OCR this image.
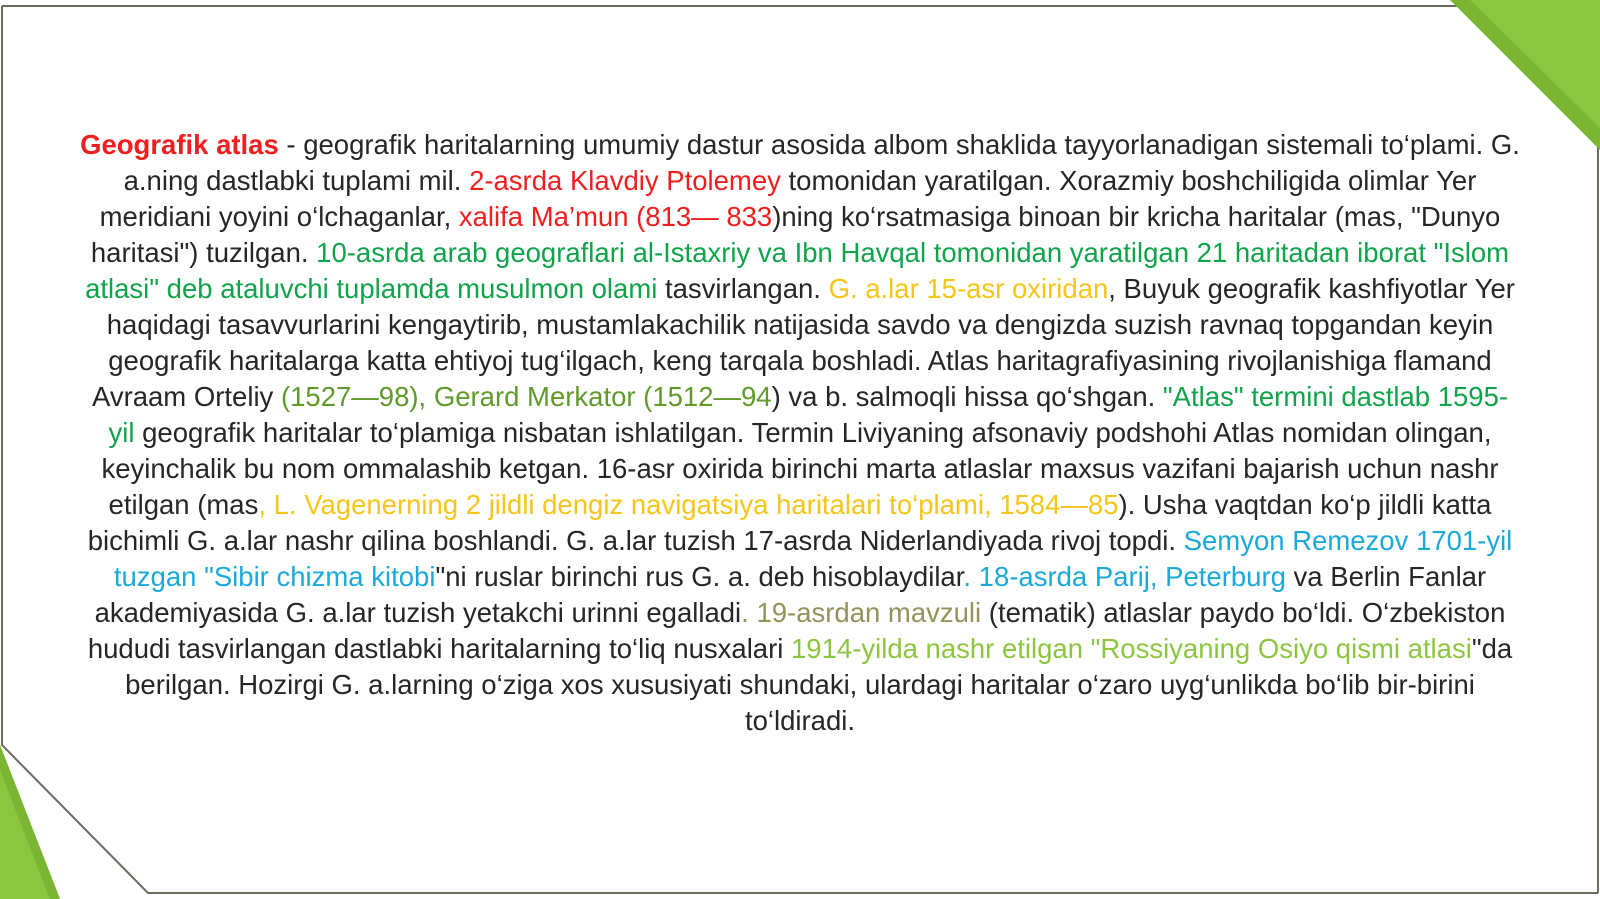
Geografik atlas - geografik haritalarning umumiy dastur asosida albom shaklida tayyorlanadigan sistemali to‘plami. G. a.ning dastlabki tuplami mil. 2-asrda Klavdiy Ptolemey tomonidan yaratilgan. Xorazmiy boshchiligida olimlar Yer meridiani yoyini o‘lchaganlar, xalifa Ma’mun (813— 833)ning ko‘rsatmasiga binoan bir kricha haritalar (mas, "Dunyo haritasi") tuzilgan. 10-asrda arab geograflari al-Istaxriy va Ibn Havqal tomonidan yaratilgan 21 haritadan iborat "Islom atlasi" deb ataluvchi tuplamda musulmon olami tasvirlangan. G. a.lar 15-asr oxiridan, Buyuk geografik kashfiyotlar Yer haqidagi tasavvurlarini kengaytirib, mustamlakachilik natijasida savdo va dengizda suzish ravnaq topgandan keyin geografik haritalarga katta ehtiyoj tug‘ilgach, keng tarqala boshladi. Atlas haritagrafiyasining rivojlanishiga flamand Avraam Orteliy (1527—98), Gerard Merkator (1512—94) va b. salmoqli hissa qo‘shgan. "Atlas" termini dastlab 1595-yil geografik haritalar to‘plamiga nisbatan ishlatilgan. Termin Liviyaning afsonaviy podshohi Atlas nomidan olingan, keyinchalik bu nom ommalashib ketgan. 16-asr oxirida birinchi marta atlaslar maxsus vazifani bajarish uchun nashr etilgan (mas, L. Vagenerning 2 jildli dengiz navigatsiya haritalari to‘plami, 1584—85). Usha vaqtdan ko‘p jildli katta bichimli G. a.lar nashr qilina boshlandi. G. a.lar tuzish 17-asrda Niderlandiyada rivoj topdi. Semyon Remezov 1701-yil tuzgan "Sibir chizma kitobi"ni ruslar birinchi rus G. a. deb hisoblaydilar. 18-asrda Parij, Peterburg va Berlin Fanlar akademiyasida G. a.lar tuzish yetakchi urinni egalladi. 19-asrdan mavzuli (tematik) atlaslar paydo bo‘ldi. O‘zbekiston hududi tasvirlangan dastlabki haritalarning to‘liq nusxalari 1914-yilda nashr etilgan "Rossiyaning Osiyo qismi atlasi"da berilgan. Hozirgi G. a.larning o‘ziga xos xususiyati shundaki, ulardagi haritalar o‘zaro uyg‘unlikda bo‘lib bir-birini to‘ldiradi.
